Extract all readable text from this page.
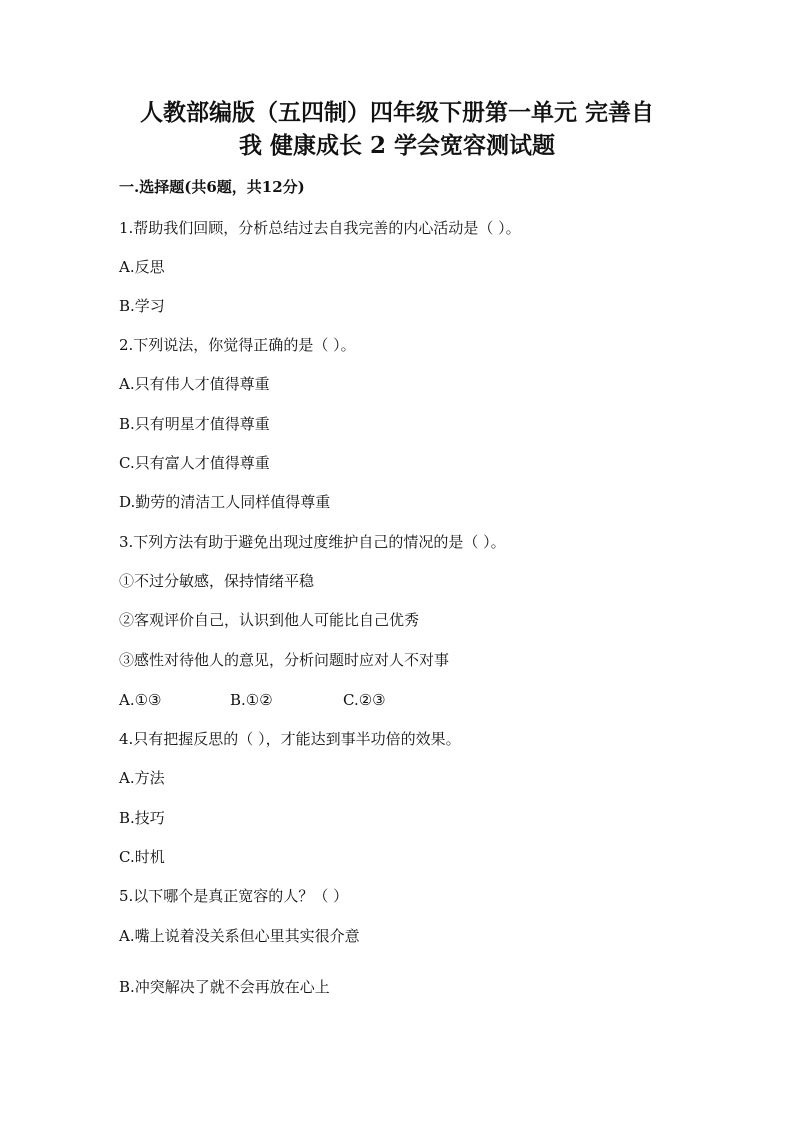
人教部编版（五四制）四年级下册第一单元 完善自
我 健康成长 2 学会宽容测试题
一.选择题(共6题，共12分)
1.帮助我们回顾，分析总结过去自我完善的内心活动是（ ）。
A.反思
B.学习
2.下列说法，你觉得正确的是（ ）。
A.只有伟人才值得尊重
B.只有明星才值得尊重
C.只有富人才值得尊重
D.勤劳的清洁工人同样值得尊重
3.下列方法有助于避免出现过度维护自己的情况的是（ ）。
①不过分敏感，保持情绪平稳
②客观评价自己，认识到他人可能比自己优秀
③感性对待他人的意见，分析问题时应对人不对事
A.①③	B.①②	C.②③
4.只有把握反思的（ ），才能达到事半功倍的效果。
A.方法
B.技巧
C.时机
5.以下哪个是真正宽容的人？（ ）
A.嘴上说着没关系但心里其实很介意
B.冲突解决了就不会再放在心上
